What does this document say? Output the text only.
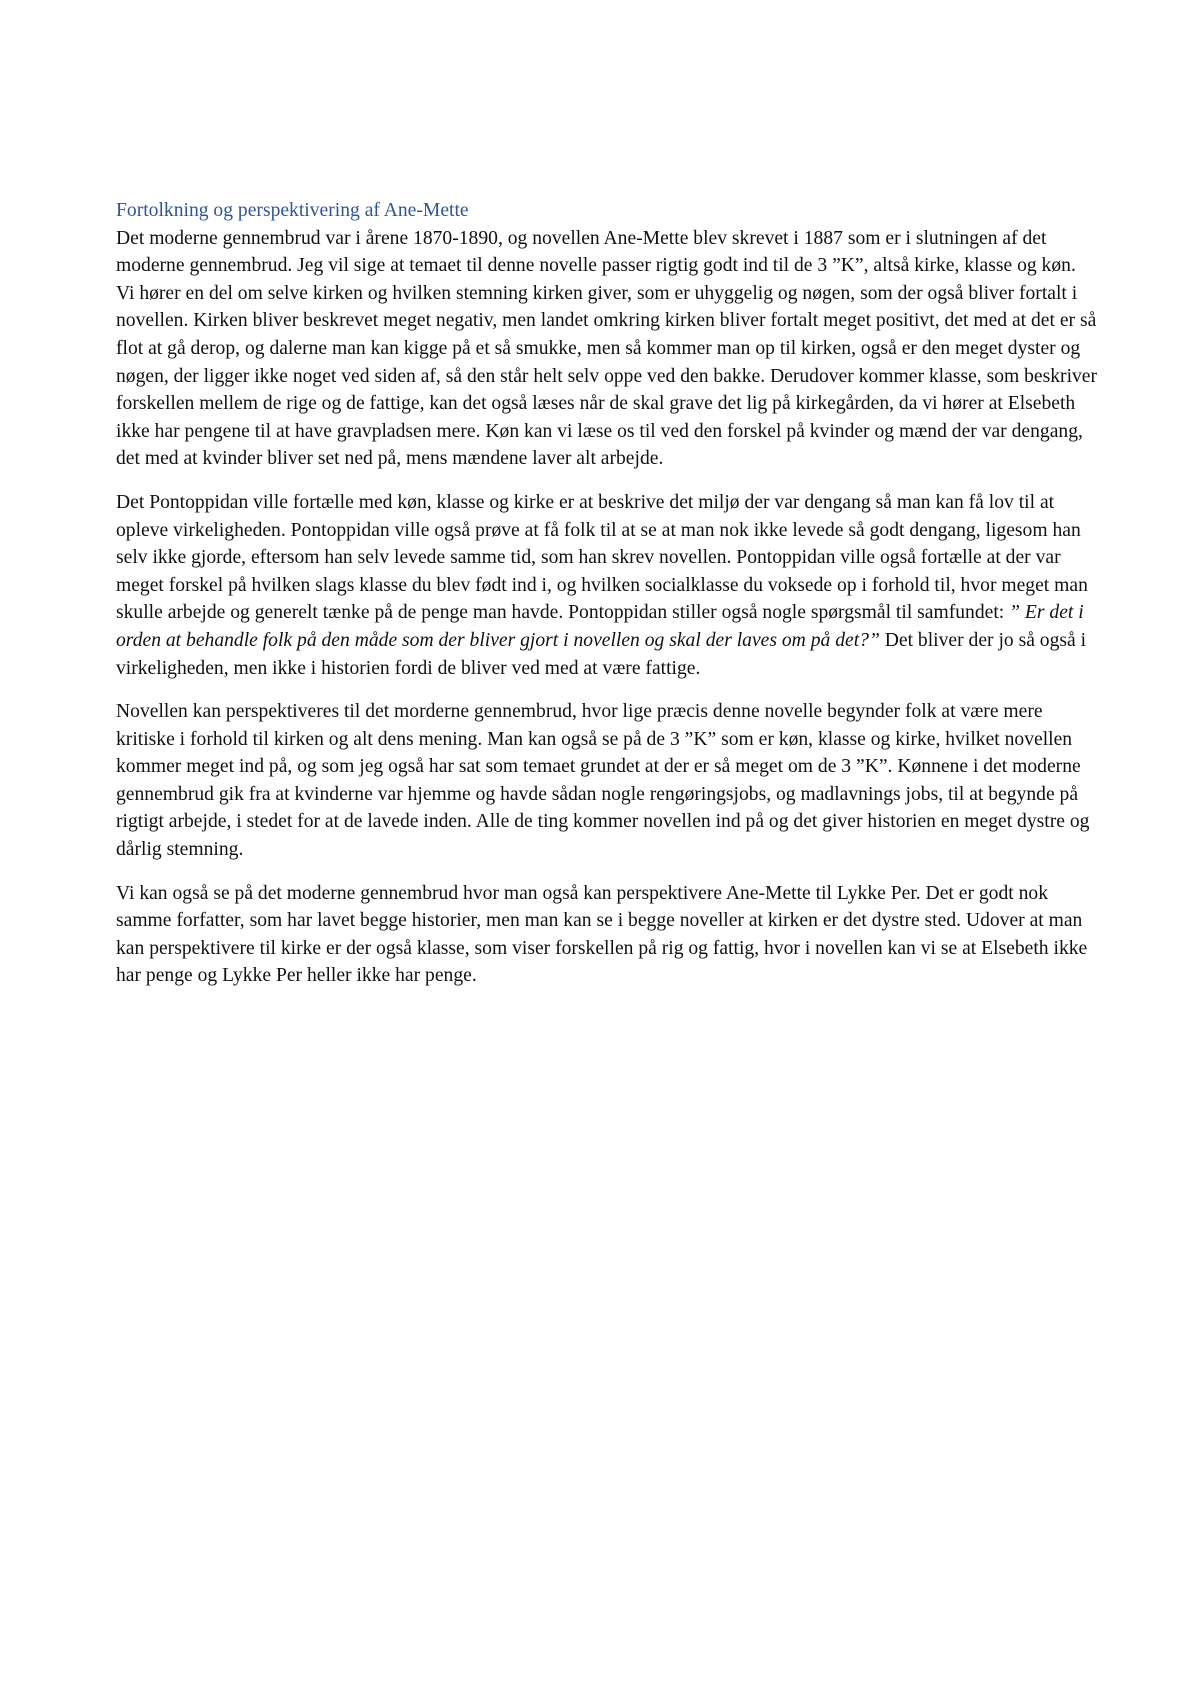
Fortolkning og perspektivering af Ane-Mette

Det moderne gennembrud var i årene 1870-1890, og novellen Ane-Mette blev skrevet i 1887 som er i slutningen af det moderne gennembrud. Jeg vil sige at temaet til denne novelle passer rigtig godt ind til de 3 ”K”, altså kirke, klasse og køn. Vi hører en del om selve kirken og hvilken stemning kirken giver, som er uhyggelig og nøgen, som der også bliver fortalt i novellen. Kirken bliver beskrevet meget negativ, men landet omkring kirken bliver fortalt meget positivt, det med at det er så flot at gå derop, og dalerne man kan kigge på et så smukke, men så kommer man op til kirken, også er den meget dyster og nøgen, der ligger ikke noget ved siden af, så den står helt selv oppe ved den bakke. Derudover kommer klasse, som beskriver forskellen mellem de rige og de fattige, kan det også læses når de skal grave det lig på kirkegården, da vi hører at Elsebeth ikke har pengene til at have gravpladsen mere. Køn kan vi læse os til ved den forskel på kvinder og mænd der var dengang, det med at kvinder bliver set ned på, mens mændene laver alt arbejde.

Det Pontoppidan ville fortælle med køn, klasse og kirke er at beskrive det miljø der var dengang så man kan få lov til at opleve virkeligheden. Pontoppidan ville også prøve at få folk til at se at man nok ikke levede så godt dengang, ligesom han selv ikke gjorde, eftersom han selv levede samme tid, som han skrev novellen. Pontoppidan ville også fortælle at der var meget forskel på hvilken slags klasse du blev født ind i, og hvilken socialklasse du voksede op i forhold til, hvor meget man skulle arbejde og generelt tænke på de penge man havde. Pontoppidan stiller også nogle spørgsmål til samfundet: ” Er det i orden at behandle folk på den måde som der bliver gjort i novellen og skal der laves om på det?” Det bliver der jo så også i virkeligheden, men ikke i historien fordi de bliver ved med at være fattige.

Novellen kan perspektiveres til det morderne gennembrud, hvor lige præcis denne novelle begynder folk at være mere kritiske i forhold til kirken og alt dens mening. Man kan også se på de 3 ”K” som er køn, klasse og kirke, hvilket novellen kommer meget ind på, og som jeg også har sat som temaet grundet at der er så meget om de 3 ”K”. Kønnene i det moderne gennembrud gik fra at kvinderne var hjemme og havde sådan nogle rengøringsjobs, og madlavnings jobs, til at begynde på rigtigt arbejde, i stedet for at de lavede inden. Alle de ting kommer novellen ind på og det giver historien en meget dystre og dårlig stemning.

Vi kan også se på det moderne gennembrud hvor man også kan perspektivere Ane-Mette til Lykke Per. Det er godt nok samme forfatter, som har lavet begge historier, men man kan se i begge noveller at kirken er det dystre sted. Udover at man kan perspektivere til kirke er der også klasse, som viser forskellen på rig og fattig, hvor i novellen kan vi se at Elsebeth ikke har penge og Lykke Per heller ikke har penge.
